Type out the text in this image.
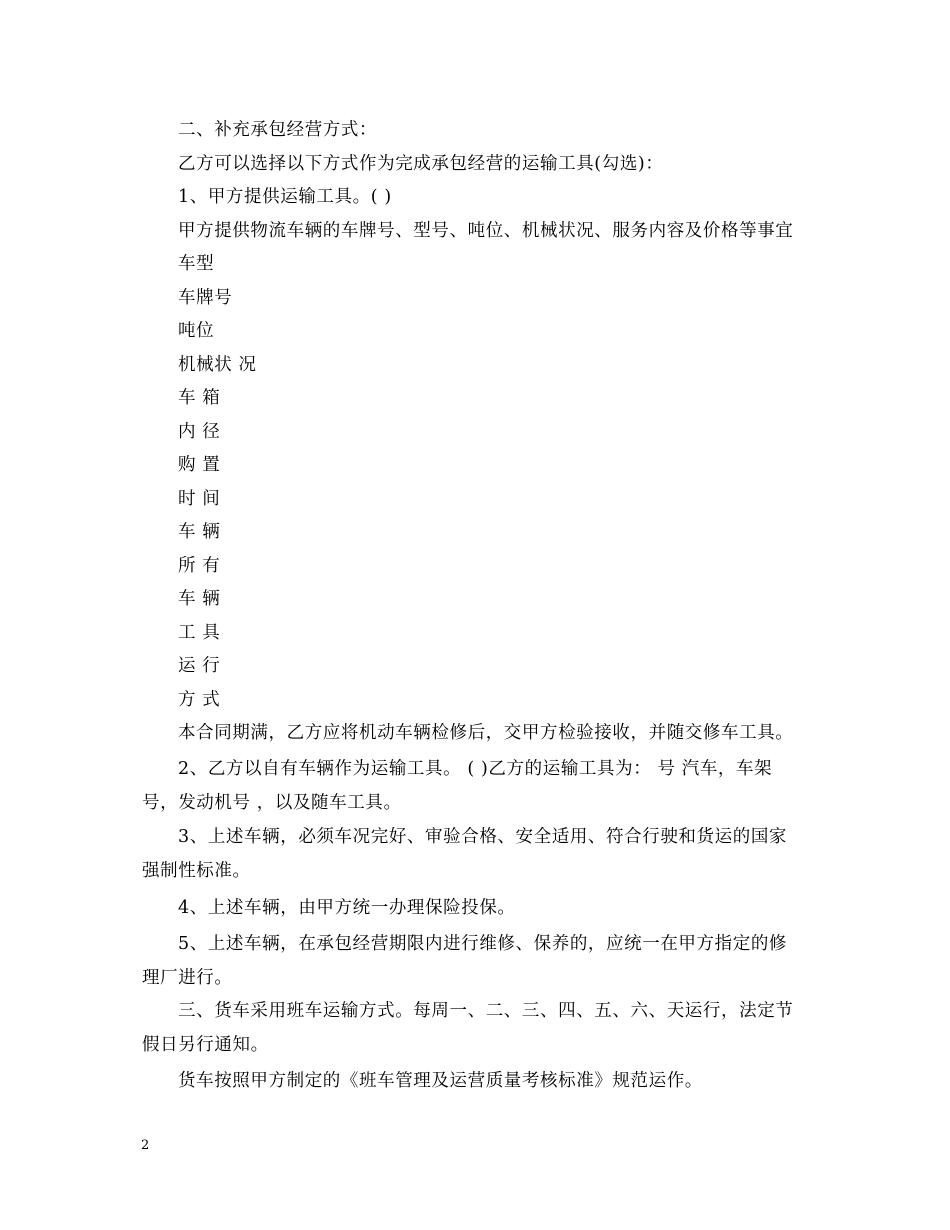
二、补充承包经营方式：
乙方可以选择以下方式作为完成承包经营的运输工具(勾选)：
1、甲方提供运输工具。( )
甲方提供物流车辆的车牌号、型号、吨位、机械状况、服务内容及价格等事宜
车型
车牌号
吨位
机械状 况
车 箱
内 径
购 置
时 间
车 辆
所 有
车 辆
工 具
运 行
方 式
本合同期满，乙方应将机动车辆检修后，交甲方检验接收，并随交修车工具。
2、乙方以自有车辆作为运输工具。 ( )乙方的运输工具为： 号 汽车，车架
号，发动机号 ，以及随车工具。
3、上述车辆，必须车况完好、审验合格、安全适用、符合行驶和货运的国家
强制性标准。
4、上述车辆，由甲方统一办理保险投保。
5、上述车辆，在承包经营期限内进行维修、保养的，应统一在甲方指定的修
理厂进行。
三、货车采用班车运输方式。每周一、二、三、四、五、六、天运行，法定节
假日另行通知。
货车按照甲方制定的《班车管理及运营质量考核标准》规范运作。
2
